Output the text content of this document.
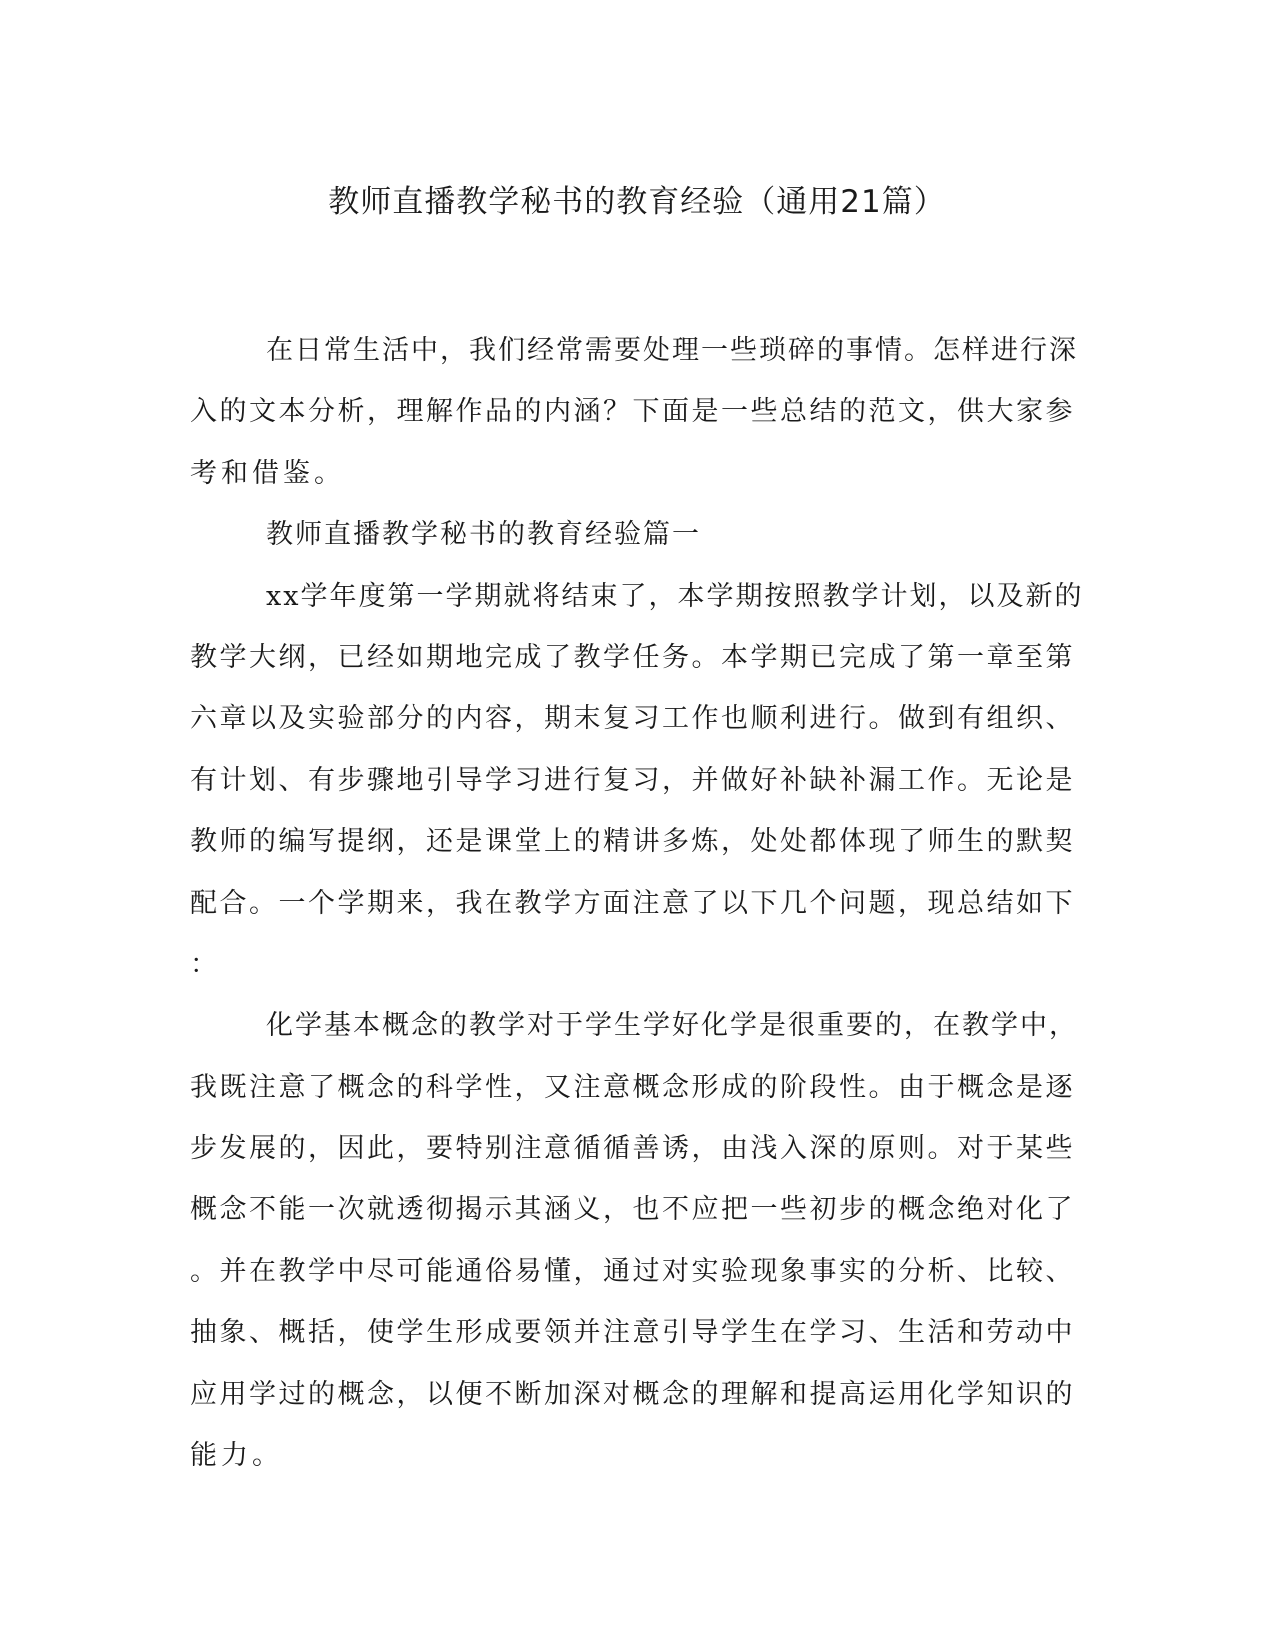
教师直播教学秘书的教育经验（通用21篇）

在日常生活中，我们经常需要处理一些琐碎的事情。怎样进行深

入的文本分析，理解作品的内涵？下面是一些总结的范文，供大家参

考和借鉴。

教师直播教学秘书的教育经验篇一

xx学年度第一学期就将结束了，本学期按照教学计划，以及新的

教学大纲，已经如期地完成了教学任务。本学期已完成了第一章至第

六章以及实验部分的内容，期末复习工作也顺利进行。做到有组织、

有计划、有步骤地引导学习进行复习，并做好补缺补漏工作。无论是

教师的编写提纲，还是课堂上的精讲多炼，处处都体现了师生的默契

配合。一个学期来，我在教学方面注意了以下几个问题，现总结如下

：

化学基本概念的教学对于学生学好化学是很重要的，在教学中，

我既注意了概念的科学性，又注意概念形成的阶段性。由于概念是逐

步发展的，因此，要特别注意循循善诱，由浅入深的原则。对于某些

概念不能一次就透彻揭示其涵义，也不应把一些初步的概念绝对化了

。并在教学中尽可能通俗易懂，通过对实验现象事实的分析、比较、

抽象、概括，使学生形成要领并注意引导学生在学习、生活和劳动中

应用学过的概念，以便不断加深对概念的理解和提高运用化学知识的

能力。
